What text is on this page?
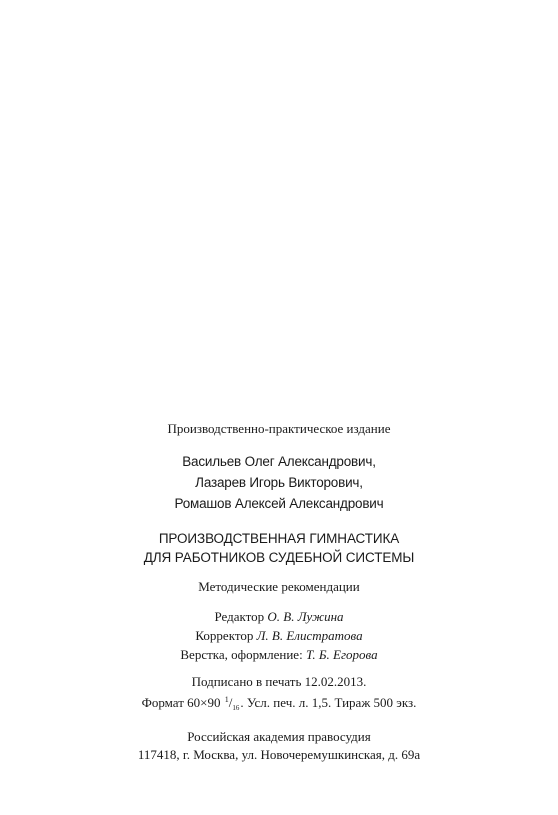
Производственно-практическое издание
Васильев Олег Александрович,
Лазарев Игорь Викторович,
Ромашов Алексей Александрович
ПРОИЗВОДСТВЕННАЯ ГИМНАСТИКА
ДЛЯ РАБОТНИКОВ СУДЕБНОЙ СИСТЕМЫ
Методические рекомендации
Редактор О. В. Лужина
Корректор Л. В. Елистратова
Верстка, оформление: Т. Б. Егорова
Подписано в печать 12.02.2013.
Формат 60×90 $^1/_{16}$. Усл. печ. л. 1,5. Тираж 500 экз.
Российская академия правосудия
117418, г. Москва, ул. Новочеремушкинская, д. 69а
